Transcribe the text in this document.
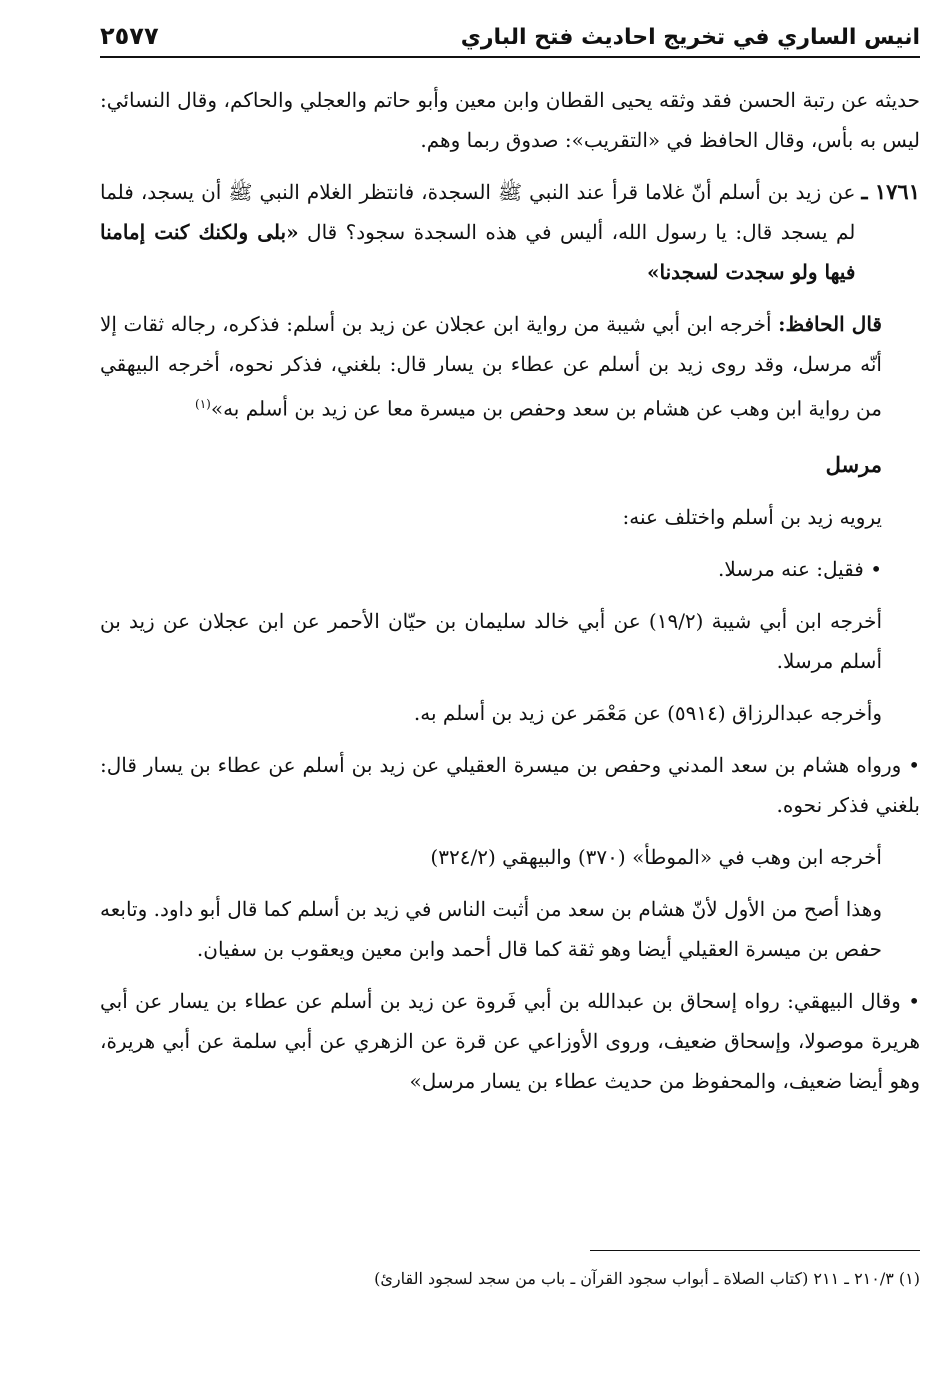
انيس الساري في تخريج احاديث فتح الباري
٢٥٧٧

حديثه عن رتبة الحسن فقد وثقه يحيى القطان وابن معين وأبو حاتم والعجلي والحاكم، وقال النسائي: ليس به بأس، وقال الحافظ في «التقريب»: صدوق ربما وهم.

١٧٦١ ـ

عن زيد بن أسلم أنّ غلاما قرأ عند النبي ﷺ السجدة، فانتظر الغلام النبي ﷺ أن يسجد، فلما لم يسجد قال: يا رسول الله، أليس في هذه السجدة سجود؟ قال «بلى ولكنك كنت إمامنا فيها ولو سجدت لسجدنا»

قال الحافظ: أخرجه ابن أبي شيبة من رواية ابن عجلان عن زيد بن أسلم: فذكره، رجاله ثقات إلا أنّه مرسل، وقد روى زيد بن أسلم عن عطاء بن يسار قال: بلغني، فذكر نحوه، أخرجه البيهقي من رواية ابن وهب عن هشام بن سعد وحفص بن ميسرة معا عن زيد بن أسلم به»$^{(١)}$

مرسل

يرويه زيد بن أسلم واختلف عنه:

• فقيل: عنه مرسلا.

أخرجه ابن أبي شيبة (١٩/٢) عن أبي خالد سليمان بن حيّان الأحمر عن ابن عجلان عن زيد بن أسلم مرسلا.

وأخرجه عبدالرزاق (٥٩١٤) عن مَعْمَر عن زيد بن أسلم به.

• ورواه هشام بن سعد المدني وحفص بن ميسرة العقيلي عن زيد بن أسلم عن عطاء بن يسار قال: بلغني فذكر نحوه.

أخرجه ابن وهب في «الموطأ» (٣٧٠) والبيهقي (٣٢٤/٢)

وهذا أصح من الأول لأنّ هشام بن سعد من أثبت الناس في زيد بن أسلم كما قال أبو داود. وتابعه حفص بن ميسرة العقيلي أيضا وهو ثقة كما قال أحمد وابن معين ويعقوب بن سفيان.

• وقال البيهقي: رواه إسحاق بن عبدالله بن أبي فَروة عن زيد بن أسلم عن عطاء بن يسار عن أبي هريرة موصولا، وإسحاق ضعيف، وروى الأوزاعي عن قرة عن الزهري عن أبي سلمة عن أبي هريرة، وهو أيضا ضعيف، والمحفوظ من حديث عطاء بن يسار مرسل»

(١) ٢١٠/٣ ـ ٢١١ (كتاب الصلاة ـ أبواب سجود القرآن ـ باب من سجد لسجود القارئ)
